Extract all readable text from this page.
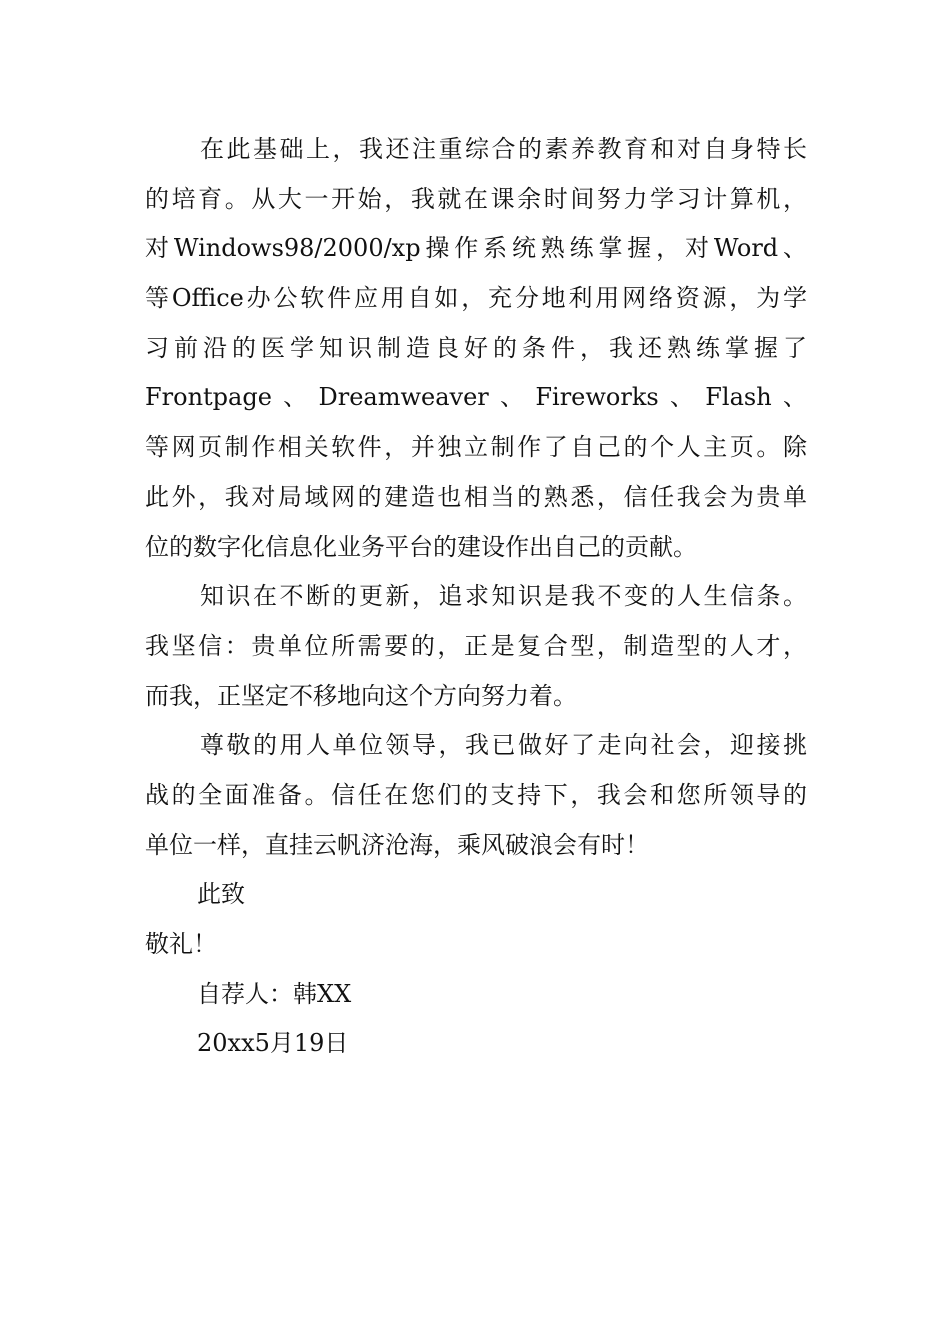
在此基础上，我还注重综合的素养教育和对自身特长
的培育。从大一开始，我就在课余时间努力学习计算机，
对Windows98/2000/xp操作系统熟练掌握，对Word、
等Office办公软件应用自如，充分地利用网络资源，为学
习前沿的医学知识制造良好的条件，我还熟练掌握了
Frontpage、Dreamweaver、Fireworks、Flash、
等网页制作相关软件，并独立制作了自己的个人主页。除
此外，我对局域网的建造也相当的熟悉，信任我会为贵单
位的数字化信息化业务平台的建设作出自己的贡献。
知识在不断的更新，追求知识是我不变的人生信条。
我坚信：贵单位所需要的，正是复合型，制造型的人才，
而我，正坚定不移地向这个方向努力着。
尊敬的用人单位领导，我已做好了走向社会，迎接挑
战的全面准备。信任在您们的支持下，我会和您所领导的
单位一样，直挂云帆济沧海，乘风破浪会有时！
此致
敬礼！
自荐人：韩XX
20xx5月19日
